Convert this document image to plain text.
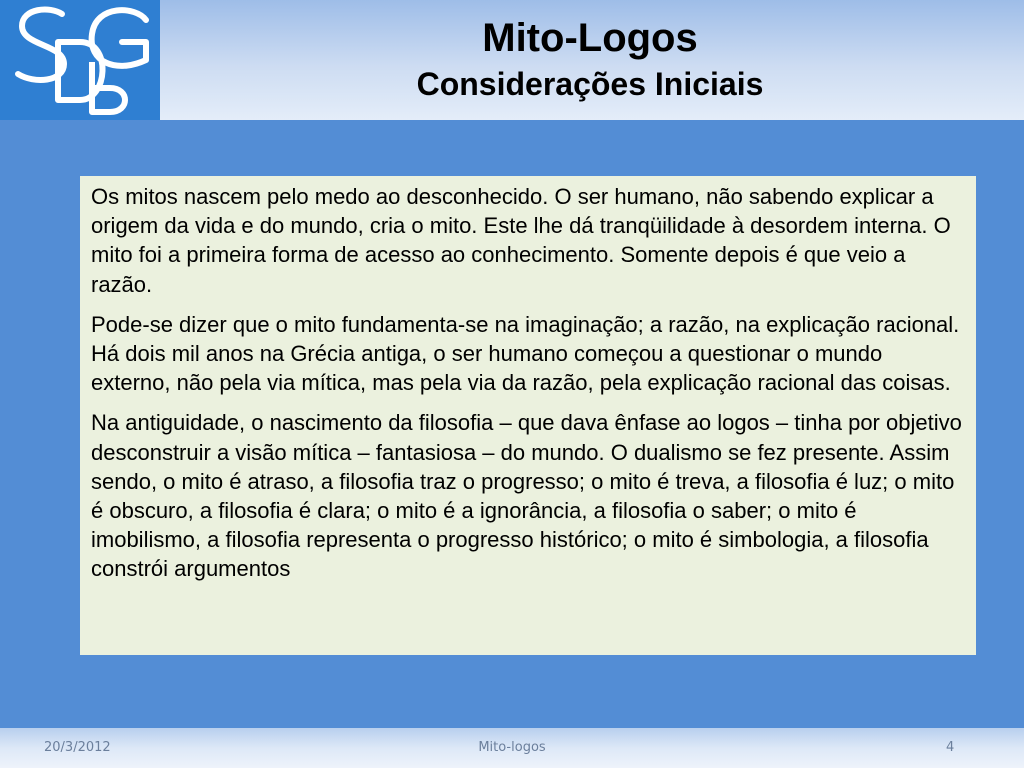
Mito-Logos
Considerações Iniciais

Os mitos nascem pelo medo ao desconhecido. O ser humano, não sabendo explicar a origem da vida e do mundo, cria o mito. Este lhe dá tranqüilidade à desordem interna. O mito foi a primeira forma de acesso ao conhecimento. Somente depois é que veio a razão.

Pode-se dizer que o mito fundamenta-se na imaginação; a razão, na explicação racional. Há dois mil anos na Grécia antiga, o ser humano começou a questionar o mundo externo, não pela via mítica, mas pela via da razão, pela explicação racional das coisas.

Na antiguidade, o nascimento da filosofia – que dava ênfase ao logos – tinha por objetivo desconstruir a visão mítica – fantasiosa – do mundo. O dualismo se fez presente. Assim sendo, o mito é atraso, a filosofia traz o progresso; o mito é treva, a filosofia é luz; o mito é obscuro, a filosofia é clara; o mito é a ignorância, a filosofia o saber; o mito é imobilismo, a filosofia representa o progresso histórico; o mito é simbologia, a filosofia constrói argumentos

20/3/2012	Mito-logos	4
